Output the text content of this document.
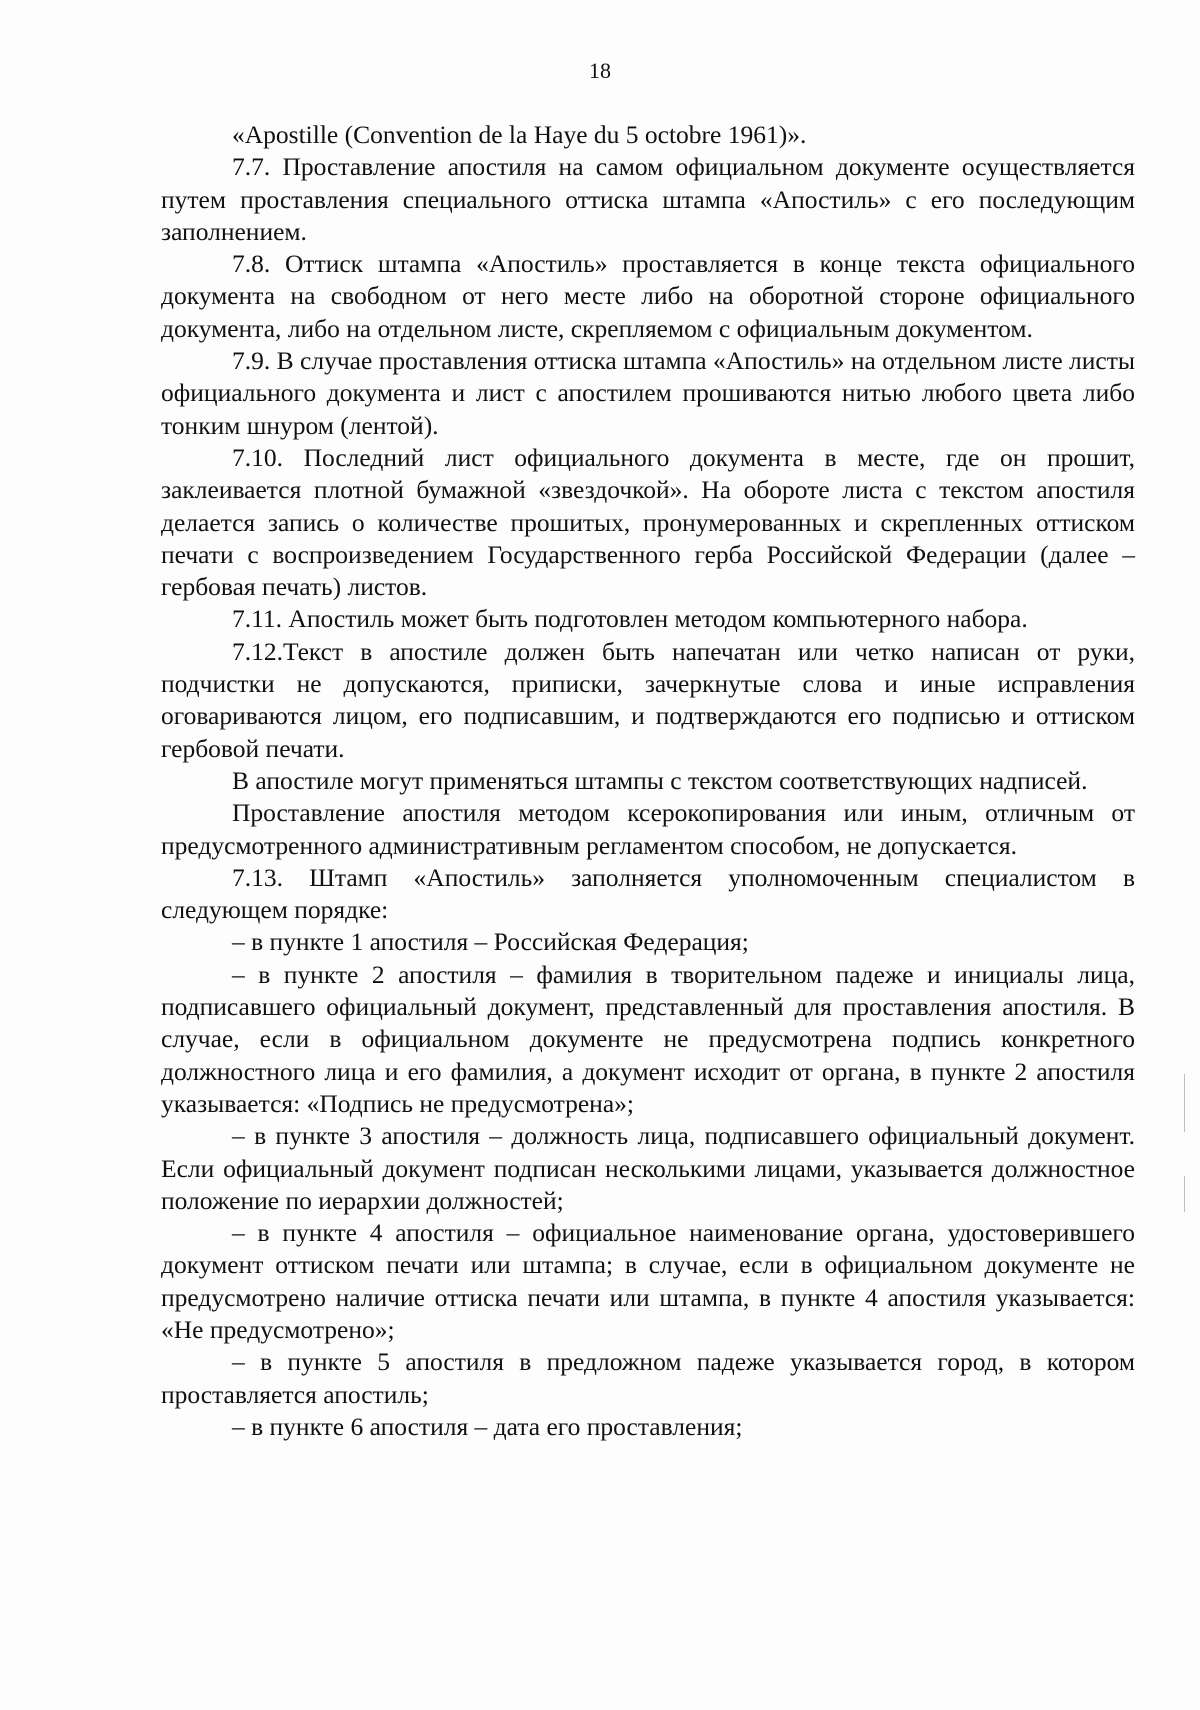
18

«Apostille (Convention de la Haye du 5 octobre 1961)».

7.7. Проставление апостиля на самом официальном документе осуществляется путем проставления специального оттиска штампа «Апостиль» с его последующим заполнением.

7.8. Оттиск штампа «Апостиль» проставляется в конце текста официального документа на свободном от него месте либо на оборотной стороне официального документа, либо на отдельном листе, скрепляемом с официальным документом.

7.9. В случае проставления оттиска штампа «Апостиль» на отдельном листе листы официального документа и лист с апостилем прошиваются нитью любого цвета либо тонким шнуром (лентой).

7.10. Последний лист официального документа в месте, где он прошит, заклеивается плотной бумажной «звездочкой». На обороте листа с текстом апостиля делается запись о количестве прошитых, пронумерованных и скрепленных оттиском печати с воспроизведением Государственного герба Российской Федерации (далее – гербовая печать) листов.

7.11. Апостиль может быть подготовлен методом компьютерного набора.

7.12.Текст в апостиле должен быть напечатан или четко написан от руки, подчистки не допускаются, приписки, зачеркнутые слова и иные исправления оговариваются лицом, его подписавшим, и подтверждаются его подписью и оттиском гербовой печати.

В апостиле могут применяться штампы с текстом соответствующих надписей.

Проставление апостиля методом ксерокопирования или иным, отличным от предусмотренного административным регламентом способом, не допускается.

7.13. Штамп «Апостиль» заполняется уполномоченным специалистом в следующем порядке:

– в пункте 1 апостиля – Российская Федерация;

– в пункте 2 апостиля – фамилия в творительном падеже и инициалы лица, подписавшего официальный документ, представленный для проставления апостиля. В случае, если в официальном документе не предусмотрена подпись конкретного должностного лица и его фамилия, а документ исходит от органа, в пункте 2 апостиля указывается: «Подпись не предусмотрена»;

– в пункте 3 апостиля – должность лица, подписавшего официальный документ. Если официальный документ подписан несколькими лицами, указывается должностное положение по иерархии должностей;

– в пункте 4 апостиля – официальное наименование органа, удостоверившего документ оттиском печати или штампа; в случае, если в официальном документе не предусмотрено наличие оттиска печати или штампа, в пункте 4 апостиля указывается: «Не предусмотрено»;

– в пункте 5 апостиля в предложном падеже указывается город, в котором проставляется апостиль;

– в пункте 6 апостиля – дата его проставления;
